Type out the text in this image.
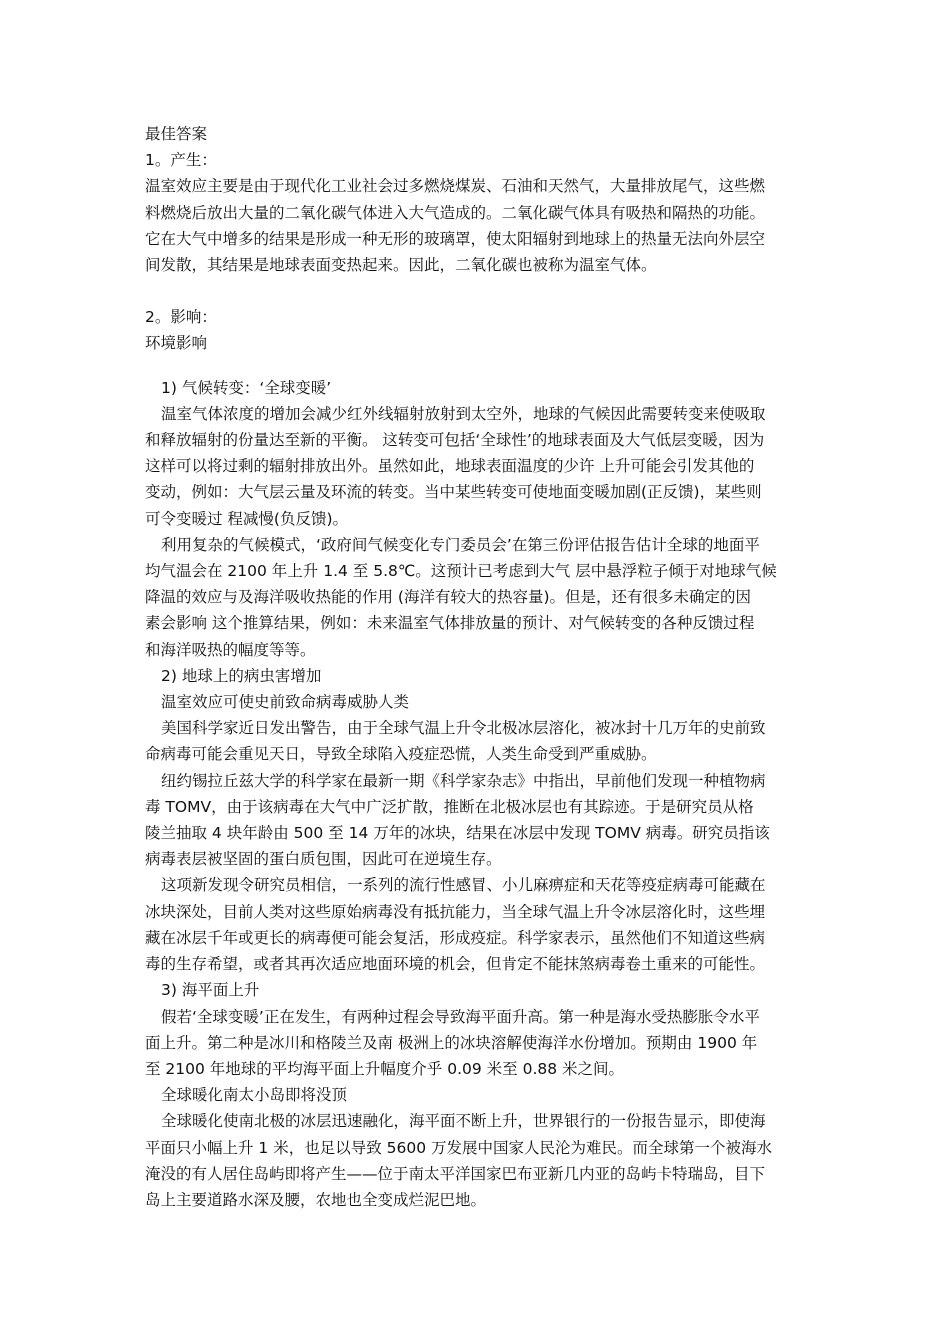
最佳答案

1。产生：

温室效应主要是由于现代化工业社会过多燃烧煤炭、石油和天然气，大量排放尾气，这些燃
料燃烧后放出大量的二氧化碳气体进入大气造成的。二氧化碳气体具有吸热和隔热的功能。
它在大气中增多的结果是形成一种无形的玻璃罩，使太阳辐射到地球上的热量无法向外层空
间发散，其结果是地球表面变热起来。因此，二氧化碳也被称为温室气体。

2。影响：

环境影响

1) 气候转变：‘全球变暖’

温室气体浓度的增加会减少红外线辐射放射到太空外，地球的气候因此需要转变来使吸取
和释放辐射的份量达至新的平衡。 这转变可包括‘全球性’的地球表面及大气低层变暖，因为
这样可以将过剩的辐射排放出外。虽然如此，地球表面温度的少许 上升可能会引发其他的
变动，例如：大气层云量及环流的转变。当中某些转变可使地面变暖加剧(正反馈)，某些则
可令变暖过 程减慢(负反馈)。

利用复杂的气候模式，‘政府间气候变化专门委员会’在第三份评估报告估计全球的地面平
均气温会在 2100 年上升 1.4 至 5.8℃。这预计已考虑到大气 层中悬浮粒子倾于对地球气候
降温的效应与及海洋吸收热能的作用 (海洋有较大的热容量)。但是，还有很多未确定的因
素会影响 这个推算结果，例如：未来温室气体排放量的预计、对气候转变的各种反馈过程
和海洋吸热的幅度等等。

2) 地球上的病虫害增加

温室效应可使史前致命病毒威胁人类

美国科学家近日发出警告，由于全球气温上升令北极冰层溶化，被冰封十几万年的史前致
命病毒可能会重见天日，导致全球陷入疫症恐慌，人类生命受到严重威胁。

纽约锡拉丘兹大学的科学家在最新一期《科学家杂志》中指出，早前他们发现一种植物病
毒 TOMV，由于该病毒在大气中广泛扩散，推断在北极冰层也有其踪迹。于是研究员从格
陵兰抽取 4 块年龄由 500 至 14 万年的冰块，结果在冰层中发现 TOMV 病毒。研究员指该
病毒表层被坚固的蛋白质包围，因此可在逆境生存。

这项新发现令研究员相信，一系列的流行性感冒、小儿麻痹症和天花等疫症病毒可能藏在
冰块深处，目前人类对这些原始病毒没有抵抗能力，当全球气温上升令冰层溶化时，这些埋
藏在冰层千年或更长的病毒便可能会复活，形成疫症。科学家表示，虽然他们不知道这些病
毒的生存希望，或者其再次适应地面环境的机会，但肯定不能抹煞病毒卷土重来的可能性。

3) 海平面上升

假若‘全球变暖’正在发生，有两种过程会导致海平面升高。第一种是海水受热膨胀令水平
面上升。第二种是冰川和格陵兰及南 极洲上的冰块溶解使海洋水份增加。预期由 1900 年
至 2100 年地球的平均海平面上升幅度介乎 0.09 米至 0.88 米之间。

全球暖化南太小岛即将没顶

全球暖化使南北极的冰层迅速融化，海平面不断上升，世界银行的一份报告显示，即使海
平面只小幅上升 1 米，也足以导致 5600 万发展中国家人民沦为难民。而全球第一个被海水
淹没的有人居住岛屿即将产生——位于南太平洋国家巴布亚新几内亚的岛屿卡特瑞岛，目下
岛上主要道路水深及腰，农地也全变成烂泥巴地。
